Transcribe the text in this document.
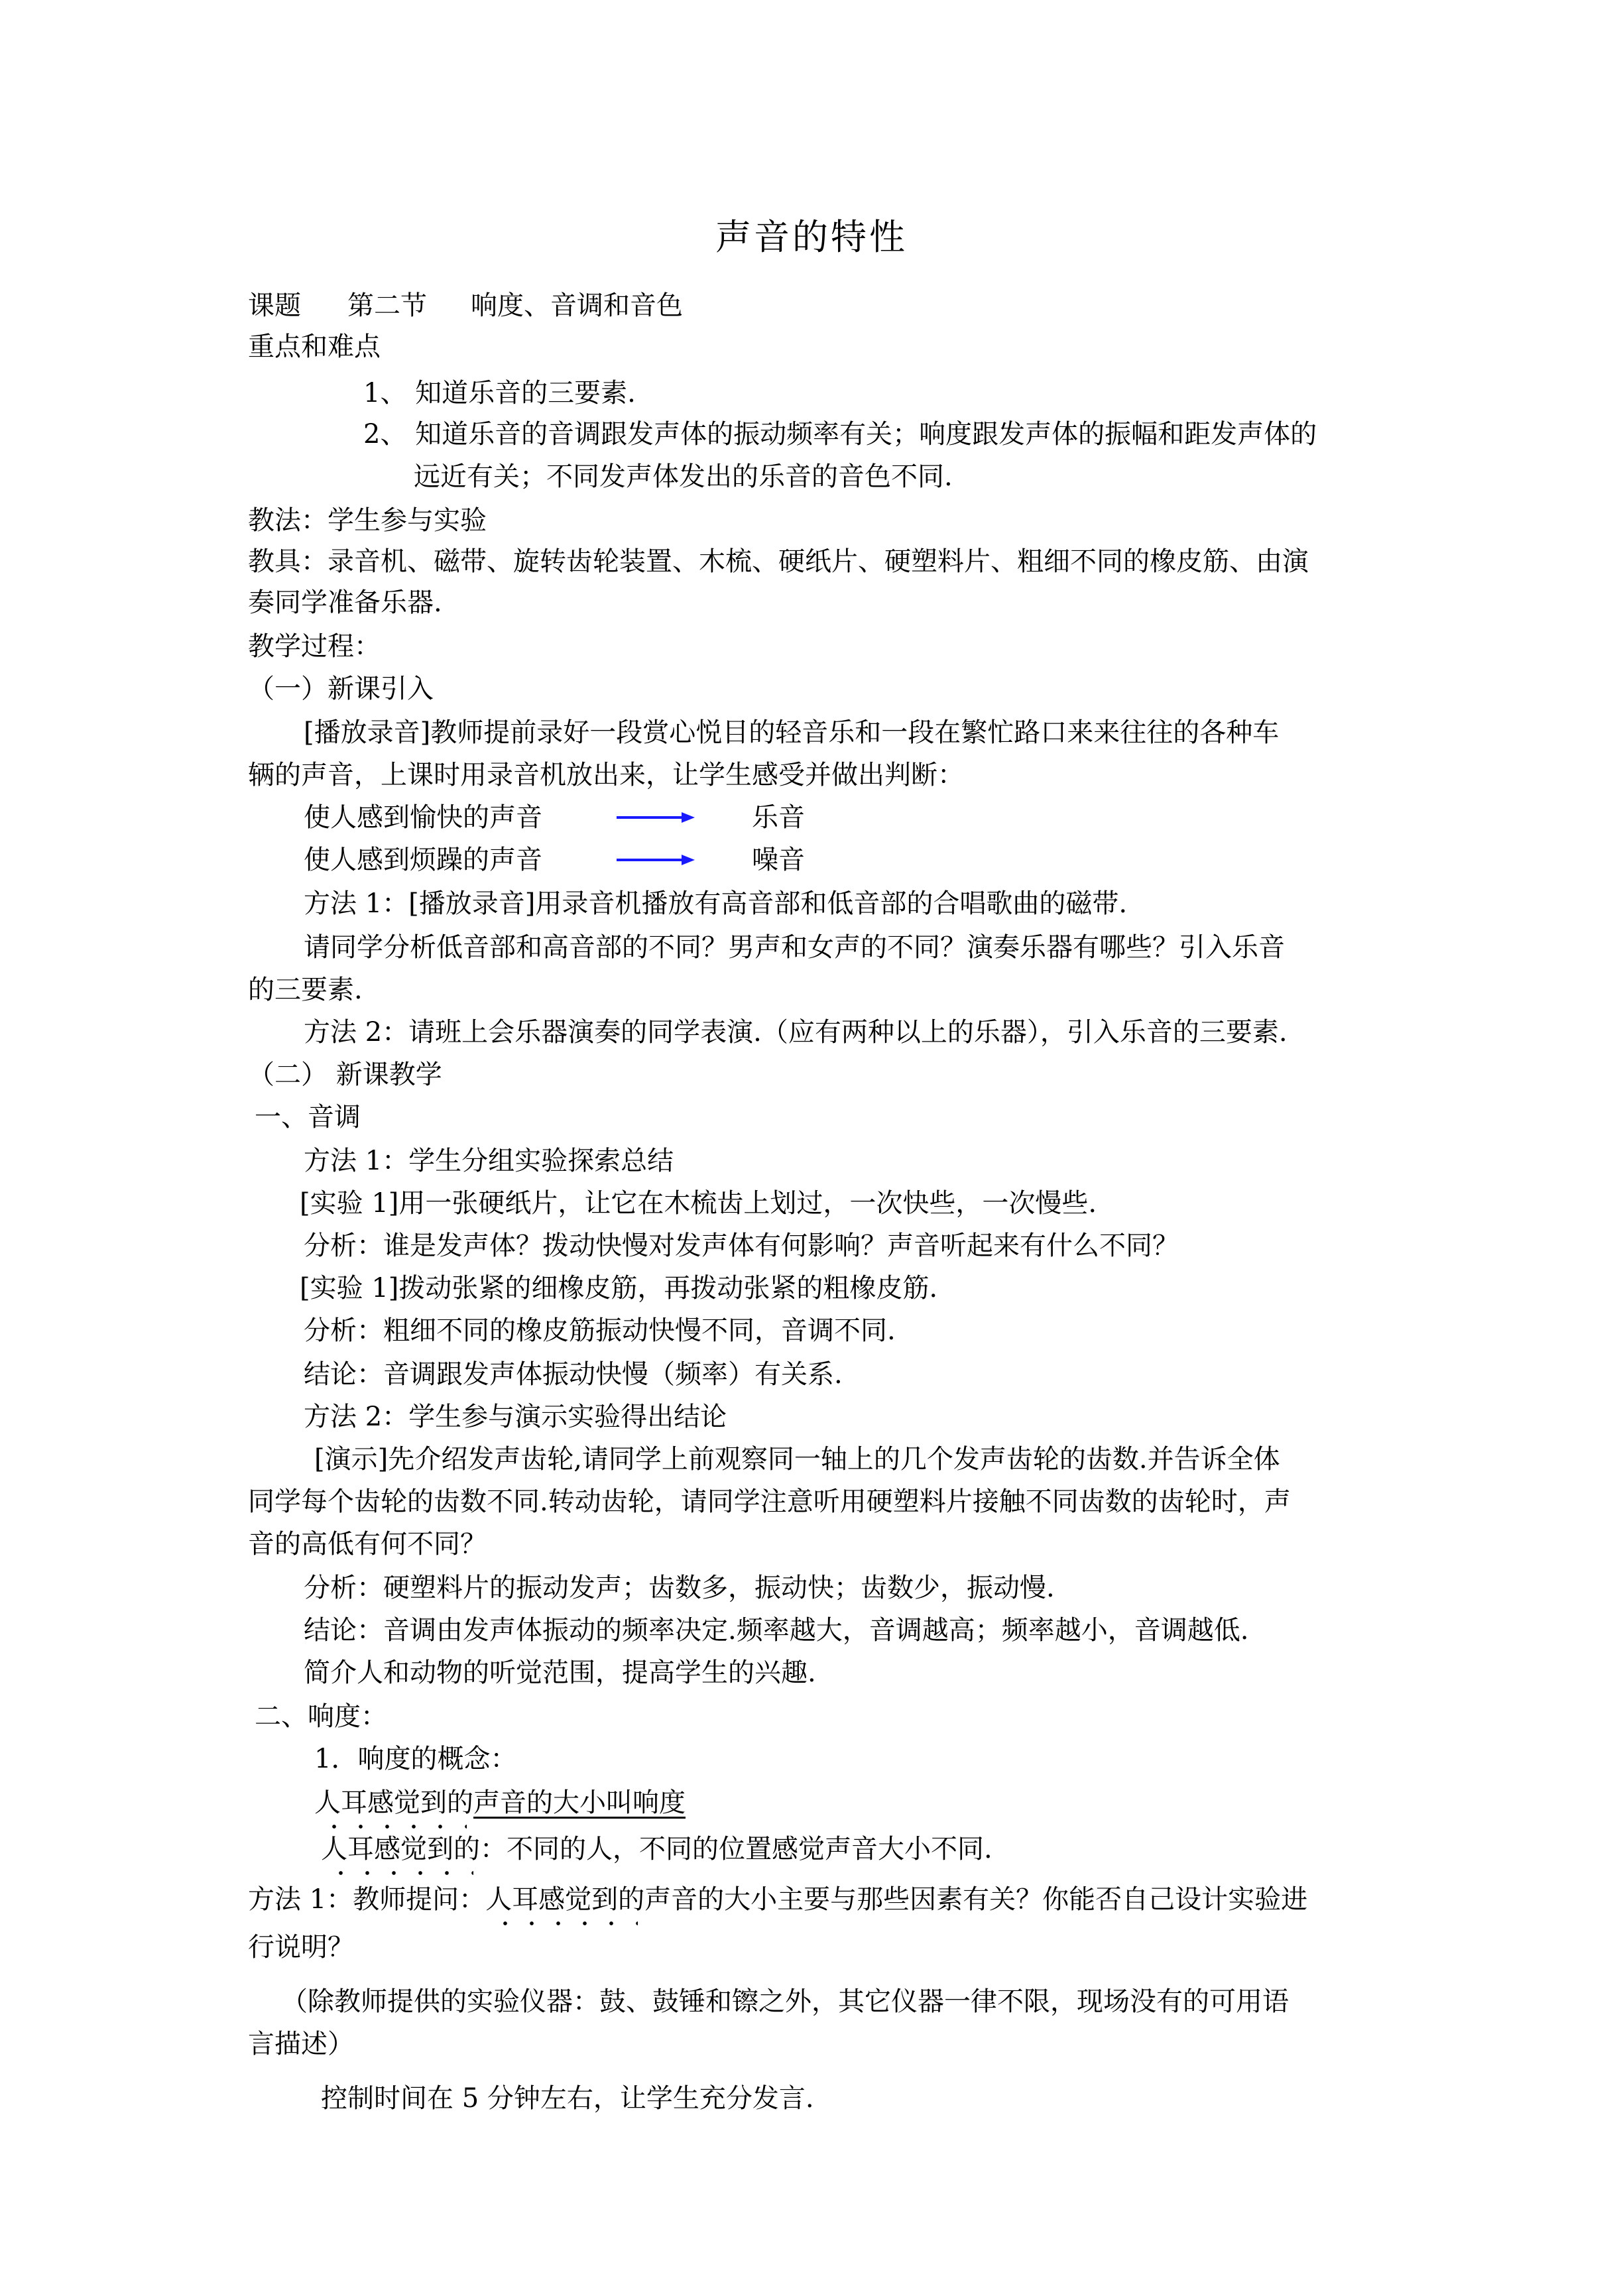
声音的特性
课题 第二节 响度、音调和音色
重点和难点
1、 知道乐音的三要素.
2、 知道乐音的音调跟发声体的振动频率有关；响度跟发声体的振幅和距发声体的
远近有关；不同发声体发出的乐音的音色不同.
教法：学生参与实验
教具：录音机、磁带、旋转齿轮装置、木梳、硬纸片、硬塑料片、粗细不同的橡皮筋、由演
奏同学准备乐器.
教学过程：
（一）新课引入
[播放录音]教师提前录好一段赏心悦目的轻音乐和一段在繁忙路口来来往往的各种车
辆的声音，上课时用录音机放出来，让学生感受并做出判断：
使人感到愉快的声音	乐音
使人感到烦躁的声音	噪音
方法 1：[播放录音]用录音机播放有高音部和低音部的合唱歌曲的磁带.
请同学分析低音部和高音部的不同？男声和女声的不同？演奏乐器有哪些？引入乐音
的三要素.
方法 2：请班上会乐器演奏的同学表演.（应有两种以上的乐器），引入乐音的三要素.
（二） 新课教学
一、音调
方法 1：学生分组实验探索总结
[实验 1]用一张硬纸片，让它在木梳齿上划过，一次快些，一次慢些.
分析：谁是发声体？拨动快慢对发声体有何影响？声音听起来有什么不同？
[实验 1]拨动张紧的细橡皮筋，再拨动张紧的粗橡皮筋.
分析：粗细不同的橡皮筋振动快慢不同，音调不同.
结论：音调跟发声体振动快慢（频率）有关系.
方法 2：学生参与演示实验得出结论
[演示]先介绍发声齿轮,请同学上前观察同一轴上的几个发声齿轮的齿数.并告诉全体
同学每个齿轮的齿数不同.转动齿轮，请同学注意听用硬塑料片接触不同齿数的齿轮时，声
音的高低有何不同？
分析：硬塑料片的振动发声；齿数多，振动快；齿数少，振动慢.
结论：音调由发声体振动的频率决定.频率越大，音调越高；频率越小，音调越低.
简介人和动物的听觉范围，提高学生的兴趣.
二、响度：
1．响度的概念：
人耳感觉到的声音的大小叫响度
人耳感觉到的：不同的人，不同的位置感觉声音大小不同.
方法 1：教师提问：人耳感觉到的声音的大小主要与那些因素有关？你能否自己设计实验进
行说明？
（除教师提供的实验仪器：鼓、鼓锤和镲之外，其它仪器一律不限，现场没有的可用语
言描述）
控制时间在 5 分钟左右，让学生充分发言.
